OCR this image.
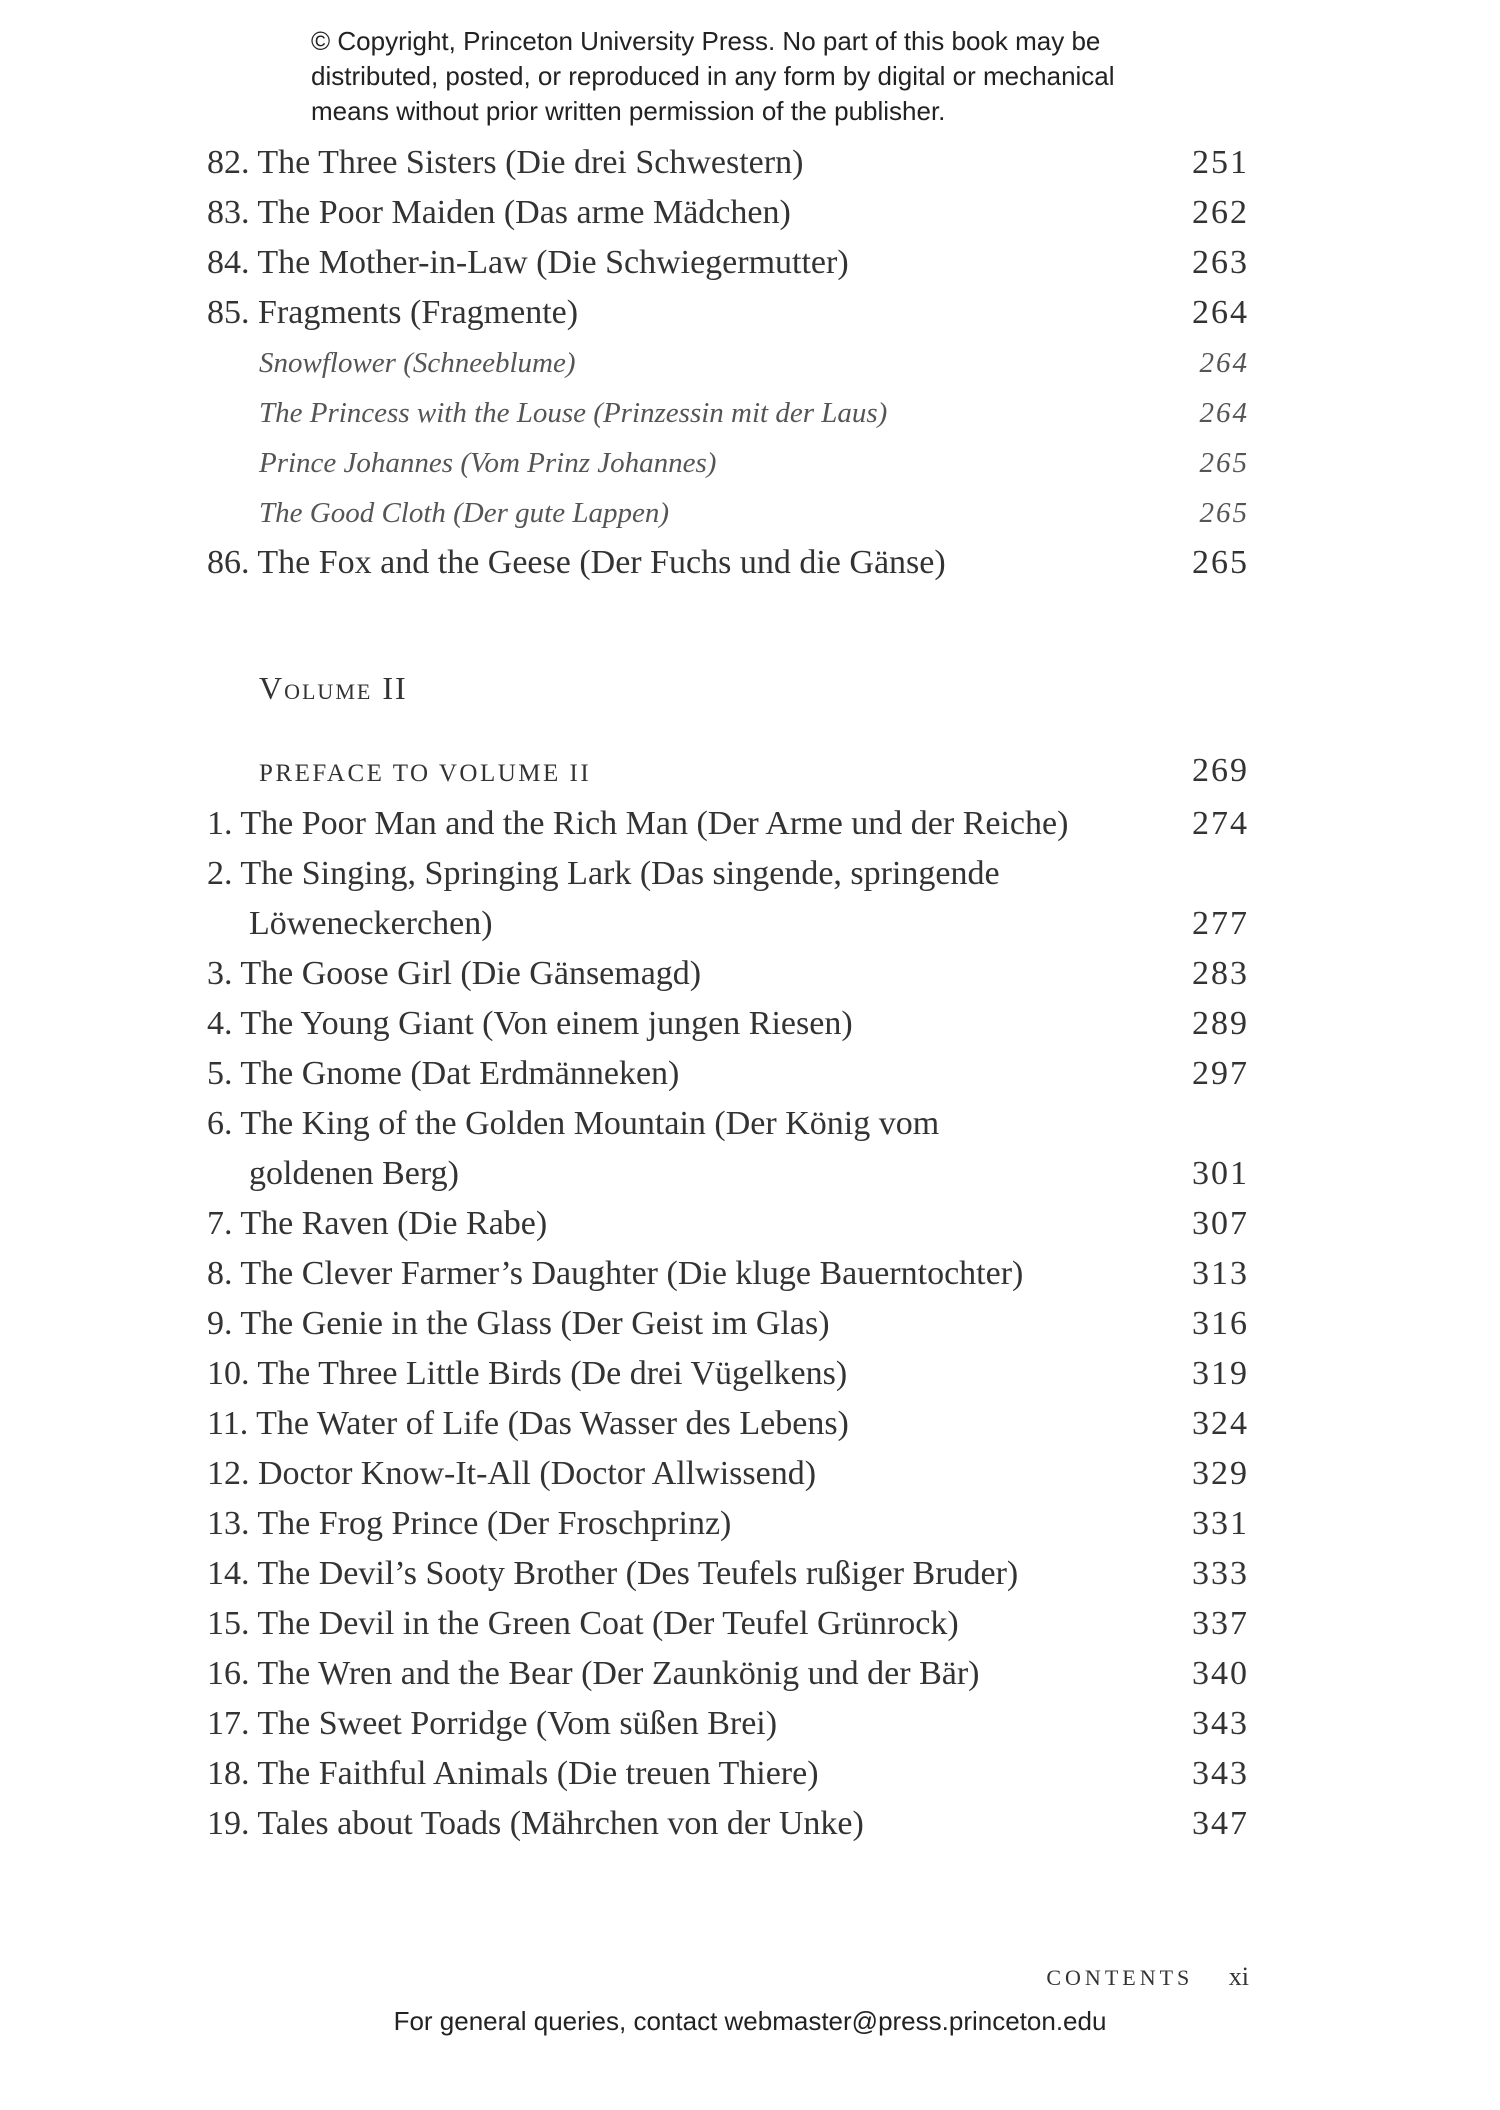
© Copyright, Princeton University Press. No part of this book may be
distributed, posted, or reproduced in any form by digital or mechanical
means without prior written permission of the publisher.
82. The Three Sisters (Die drei Schwestern)	251
83. The Poor Maiden (Das arme Mädchen)	262
84. The Mother-in-Law (Die Schwiegermutter)	263
85. Fragments (Fragmente)	264
Snowflower (Schneeblume)	264
The Princess with the Louse (Prinzessin mit der Laus)	264
Prince Johannes (Vom Prinz Johannes)	265
The Good Cloth (Der gute Lappen)	265
86. The Fox and the Geese (Der Fuchs und die Gänse)	265
Volume II
PREFACE TO VOLUME II	269
1. The Poor Man and the Rich Man (Der Arme und der Reiche)	274
2. The Singing, Springing Lark (Das singende, springende
Löweneckerchen)	277
3. The Goose Girl (Die Gänsemagd)	283
4. The Young Giant (Von einem jungen Riesen)	289
5. The Gnome (Dat Erdmänneken)	297
6. The King of the Golden Mountain (Der König vom
goldenen Berg)	301
7. The Raven (Die Rabe)	307
8. The Clever Farmer’s Daughter (Die kluge Bauerntochter)	313
9. The Genie in the Glass (Der Geist im Glas)	316
10. The Three Little Birds (De drei Vügelkens)	319
11. The Water of Life (Das Wasser des Lebens)	324
12. Doctor Know-It-All (Doctor Allwissend)	329
13. The Frog Prince (Der Froschprinz)	331
14. The Devil’s Sooty Brother (Des Teufels rußiger Bruder)	333
15. The Devil in the Green Coat (Der Teufel Grünrock)	337
16. The Wren and the Bear (Der Zaunkönig und der Bär)	340
17. The Sweet Porridge (Vom süßen Brei)	343
18. The Faithful Animals (Die treuen Thiere)	343
19. Tales about Toads (Mährchen von der Unke)	347
CONTENTS xi
For general queries, contact webmaster@press.princeton.edu
